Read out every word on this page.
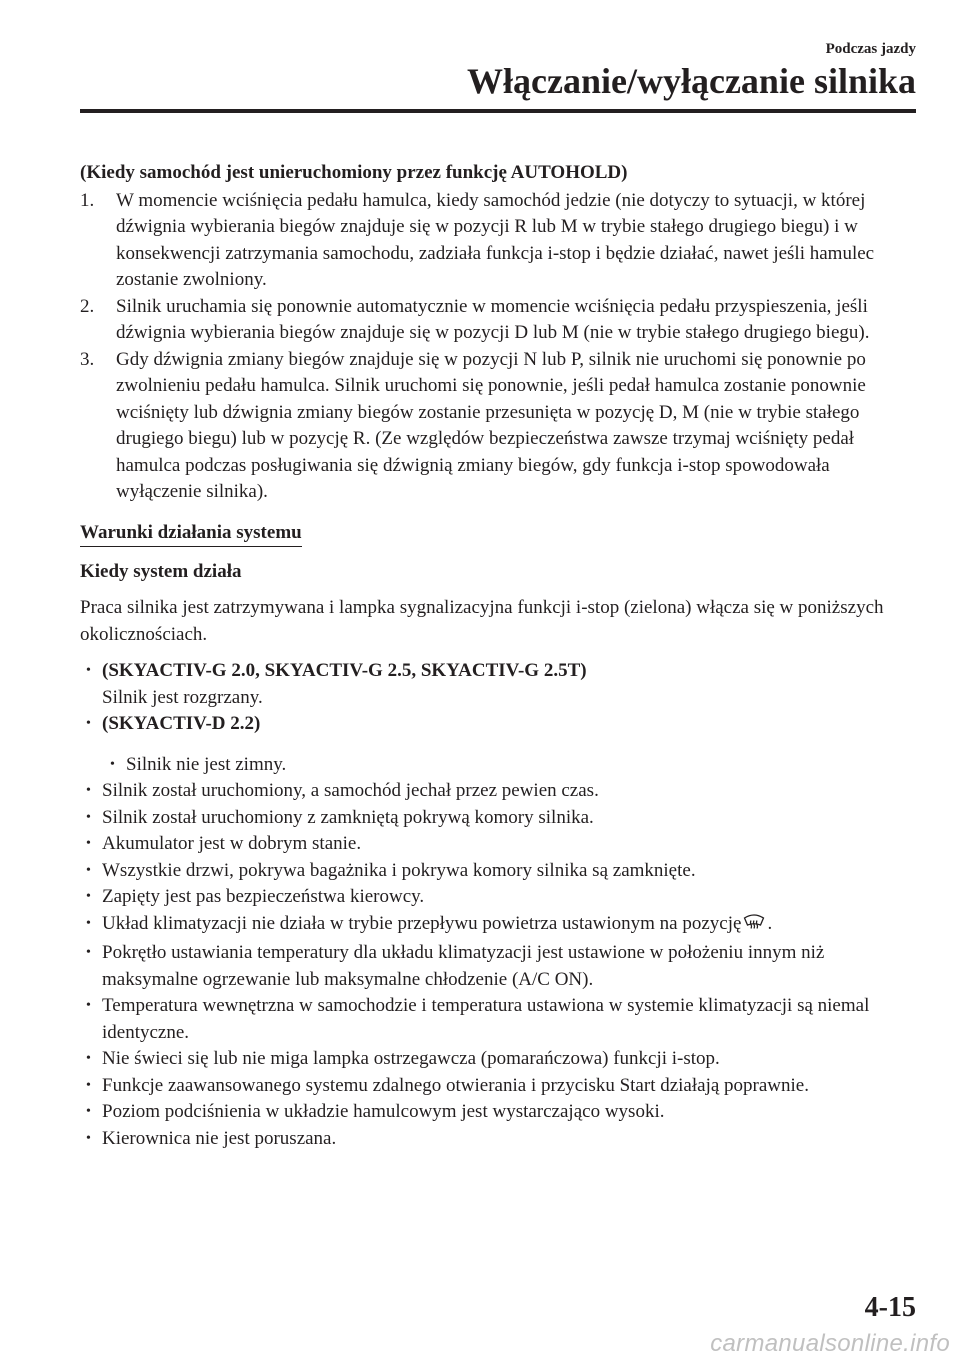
Podczas jazdy
Włączanie/wyłączanie silnika
(Kiedy samochód jest unieruchomiony przez funkcję AUTOHOLD)
1.	W momencie wciśnięcia pedału hamulca, kiedy samochód jedzie (nie dotyczy to sytuacji, w której dźwignia wybierania biegów znajduje się w pozycji R lub M w trybie stałego drugiego biegu) i w konsekwencji zatrzymania samochodu, zadziała funkcja i-stop i będzie działać, nawet jeśli hamulec zostanie zwolniony.
2.	Silnik uruchamia się ponownie automatycznie w momencie wciśnięcia pedału przyspieszenia, jeśli dźwignia wybierania biegów znajduje się w pozycji D lub M (nie w trybie stałego drugiego biegu).
3.	Gdy dźwignia zmiany biegów znajduje się w pozycji N lub P, silnik nie uruchomi się ponownie po zwolnieniu pedału hamulca. Silnik uruchomi się ponownie, jeśli pedał hamulca zostanie ponownie wciśnięty lub dźwignia zmiany biegów zostanie przesunięta w pozycję D, M (nie w trybie stałego drugiego biegu) lub w pozycję R. (Ze względów bezpieczeństwa zawsze trzymaj wciśnięty pedał hamulca podczas posługiwania się dźwignią zmiany biegów, gdy funkcja i-stop spowodowała wyłączenie silnika).
Warunki działania systemu
Kiedy system działa
Praca silnika jest zatrzymywana i lampka sygnalizacyjna funkcji i-stop (zielona) włącza się w poniższych okolicznościach.
• (SKYACTIV-G 2.0, SKYACTIV-G 2.5, SKYACTIV-G 2.5T)
Silnik jest rozgrzany.
• (SKYACTIV-D 2.2)
• Silnik nie jest zimny.
• Silnik został uruchomiony, a samochód jechał przez pewien czas.
• Silnik został uruchomiony z zamkniętą pokrywą komory silnika.
• Akumulator jest w dobrym stanie.
• Wszystkie drzwi, pokrywa bagażnika i pokrywa komory silnika są zamknięte.
• Zapięty jest pas bezpieczeństwa kierowcy.
• Układ klimatyzacji nie działa w trybie przepływu powietrza ustawionym na pozycję .
• Pokrętło ustawiania temperatury dla układu klimatyzacji jest ustawione w położeniu innym niż maksymalne ogrzewanie lub maksymalne chłodzenie (A/C ON).
• Temperatura wewnętrzna w samochodzie i temperatura ustawiona w systemie klimatyzacji są niemal identyczne.
• Nie świeci się lub nie miga lampka ostrzegawcza (pomarańczowa) funkcji i-stop.
• Funkcje zaawansowanego systemu zdalnego otwierania i przycisku Start działają poprawnie.
• Poziom podciśnienia w układzie hamulcowym jest wystarczająco wysoki.
• Kierownica nie jest poruszana.
4-15
carmanualsonline.info
